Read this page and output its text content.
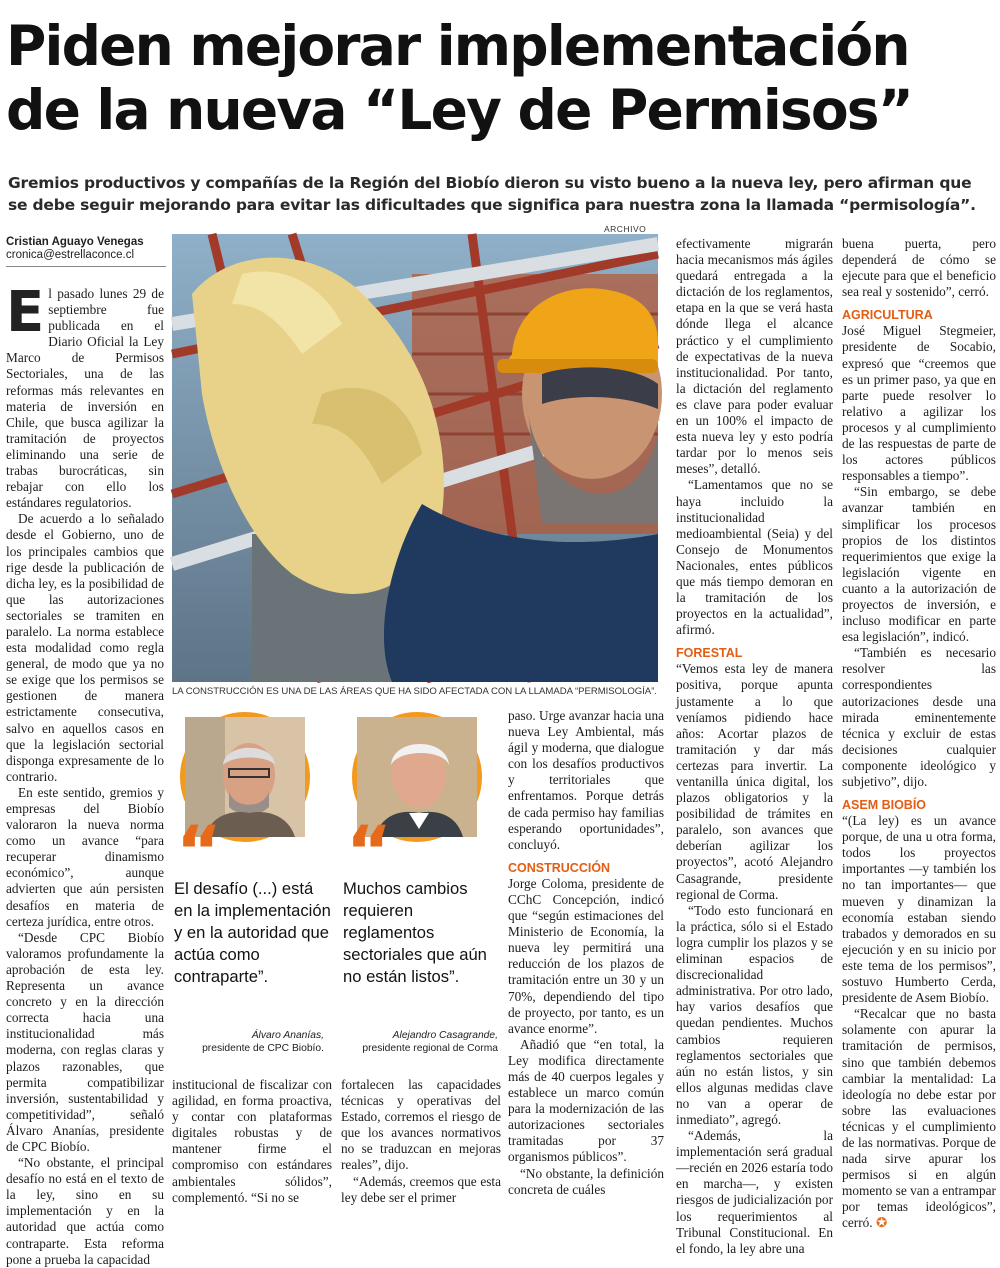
Piden mejorar implementación
de la nueva “Ley de Permisos”
Gremios productivos y compañías de la Región del Biobío dieron su visto bueno a la nueva ley, pero afirman que se debe seguir mejorando para evitar las dificultades que significa para nuestra zona la llamada “permisología”.
Cristian Aguayo Venegas
cronica@estrellaconce.cl
E l pasado lunes 29 de septiembre fue publicada en el Diario Oficial la Ley Marco de Permisos Sectoriales, una de las reformas más relevantes en materia de inversión en Chile, que busca agilizar la tramitación de proyectos eliminando una serie de trabas burocráticas, sin rebajar con ello los estándares regulatorios.

De acuerdo a lo señalado desde el Gobierno, uno de los principales cambios que rige desde la publicación de dicha ley, es la posibilidad de que las autorizaciones sectoriales se tramiten en paralelo. La norma establece esta modalidad como regla general, de modo que ya no se exige que los permisos se gestionen de manera estrictamente consecutiva, salvo en aquellos casos en que la legislación sectorial disponga expresamente de lo contrario.

En este sentido, gremios y empresas del Biobío valoraron la nueva norma como un avance “para recuperar dinamismo económico”, aunque advierten que aún persisten desafíos en materia de certeza jurídica, entre otros.

“Desde CPC Biobío valoramos profundamente la aprobación de esta ley. Representa un avance concreto y en la dirección correcta hacia una institucionalidad más moderna, con reglas claras y plazos razonables, que permita compatibilizar inversión, sustentabilidad y competitividad”, señaló Álvaro Ananías, presidente de CPC Biobío.

“No obstante, el principal desafío no está en el texto de la ley, sino en su implementación y en la autoridad que actúa como contraparte. Esta reforma pone a prueba la capacidad

ARCHIVO
LA CONSTRUCCIÓN ES UNA DE LAS ÁREAS QUE HA SIDO AFECTADA CON LA LLAMADA “PERMISOLOGÍA”.
“ “
El desafío (...) está en la implementación y en la autoridad que actúa como contraparte”.
Muchos cambios requieren reglamentos sectoriales que aún no están listos”.
Álvaro Ananías,
presidente de CPC Biobío.
Alejandro Casagrande,
presidente regional de Corma

institucional de fiscalizar con agilidad, en forma proactiva, y contar con plataformas digitales robustas y de mantener firme el compromiso con estándares ambientales sólidos”, complementó. “Si no se

fortalecen las capacidades técnicas y operativas del Estado, corremos el riesgo de que los avances normativos no se traduzcan en mejoras reales”, dijo.

“Además, creemos que esta ley debe ser el primer

paso. Urge avanzar hacia una nueva Ley Ambiental, más ágil y moderna, que dialogue con los desafíos productivos y territoriales que enfrentamos. Porque detrás de cada permiso hay familias esperando oportunidades”, concluyó.

CONSTRUCCIÓN

Jorge Coloma, presidente de CChC Concepción, indicó que “según estimaciones del Ministerio de Economía, la nueva ley permitirá una reducción de los plazos de tramitación entre un 30 y un 70%, dependiendo del tipo de proyecto, por tanto, es un avance enorme”.

Añadió que “en total, la Ley modifica directamente más de 40 cuerpos legales y establece un marco común para la modernización de las autorizaciones sectoriales tramitadas por 37 organismos públicos”.

“No obstante, la definición concreta de cuáles

efectivamente migrarán hacia mecanismos más ágiles quedará entregada a la dictación de los reglamentos, etapa en la que se verá hasta dónde llega el alcance práctico y el cumplimiento de expectativas de la nueva institucionalidad. Por tanto, la dictación del reglamento es clave para poder evaluar en un 100% el impacto de esta nueva ley y esto podría tardar por lo menos seis meses”, detalló.

“Lamentamos que no se haya incluido la institucionalidad medioambiental (Seia) y del Consejo de Monumentos Nacionales, entes públicos que más tiempo demoran en la tramitación de los proyectos en la actualidad”, afirmó.

FORESTAL

“Vemos esta ley de manera positiva, porque apunta justamente a lo que veníamos pidiendo hace años: Acortar plazos de tramitación y dar más certezas para invertir. La ventanilla única digital, los plazos obligatorios y la posibilidad de trámites en paralelo, son avances que deberían agilizar los proyectos”, acotó Alejandro Casagrande, presidente regional de Corma.

“Todo esto funcionará en la práctica, sólo si el Estado logra cumplir los plazos y se eliminan espacios de discrecionalidad administrativa. Por otro lado, hay varios desafíos que quedan pendientes. Muchos cambios requieren reglamentos sectoriales que aún no están listos, y sin ellos algunas medidas clave no van a operar de inmediato”, agregó.

“Además, la implementación será gradual —recién en 2026 estaría todo en marcha—, y existen riesgos de judicialización por los requerimientos al Tribunal Constitucional. En el fondo, la ley abre una

buena puerta, pero dependerá de cómo se ejecute para que el beneficio sea real y sostenido”, cerró.

AGRICULTURA

José Miguel Stegmeier, presidente de Socabio, expresó que “creemos que es un primer paso, ya que en parte puede resolver lo relativo a agilizar los procesos y al cumplimiento de las respuestas de parte de los actores públicos responsables a tiempo”.

“Sin embargo, se debe avanzar también en simplificar los procesos propios de los distintos requerimientos que exige la legislación vigente en cuanto a la autorización de proyectos de inversión, e incluso modificar en parte esa legislación”, indicó.

“También es necesario resolver las correspondientes autorizaciones desde una mirada eminentemente técnica y excluir de estas decisiones cualquier componente ideológico y subjetivo”, dijo.

ASEM BIOBÍO

“(La ley) es un avance porque, de una u otra forma, todos los proyectos importantes —y también los no tan importantes— que mueven y dinamizan la economía estaban siendo trabados y demorados en su ejecución y en su inicio por este tema de los permisos”, sostuvo Humberto Cerda, presidente de Asem Biobío.

“Recalcar que no basta solamente con apurar la tramitación de permisos, sino que también debemos cambiar la mentalidad: La ideología no debe estar por sobre las evaluaciones técnicas y el cumplimiento de las normativas. Porque de nada sirve apurar los permisos si en algún momento se van a entrampar por temas ideológicos”, cerró. ✪
